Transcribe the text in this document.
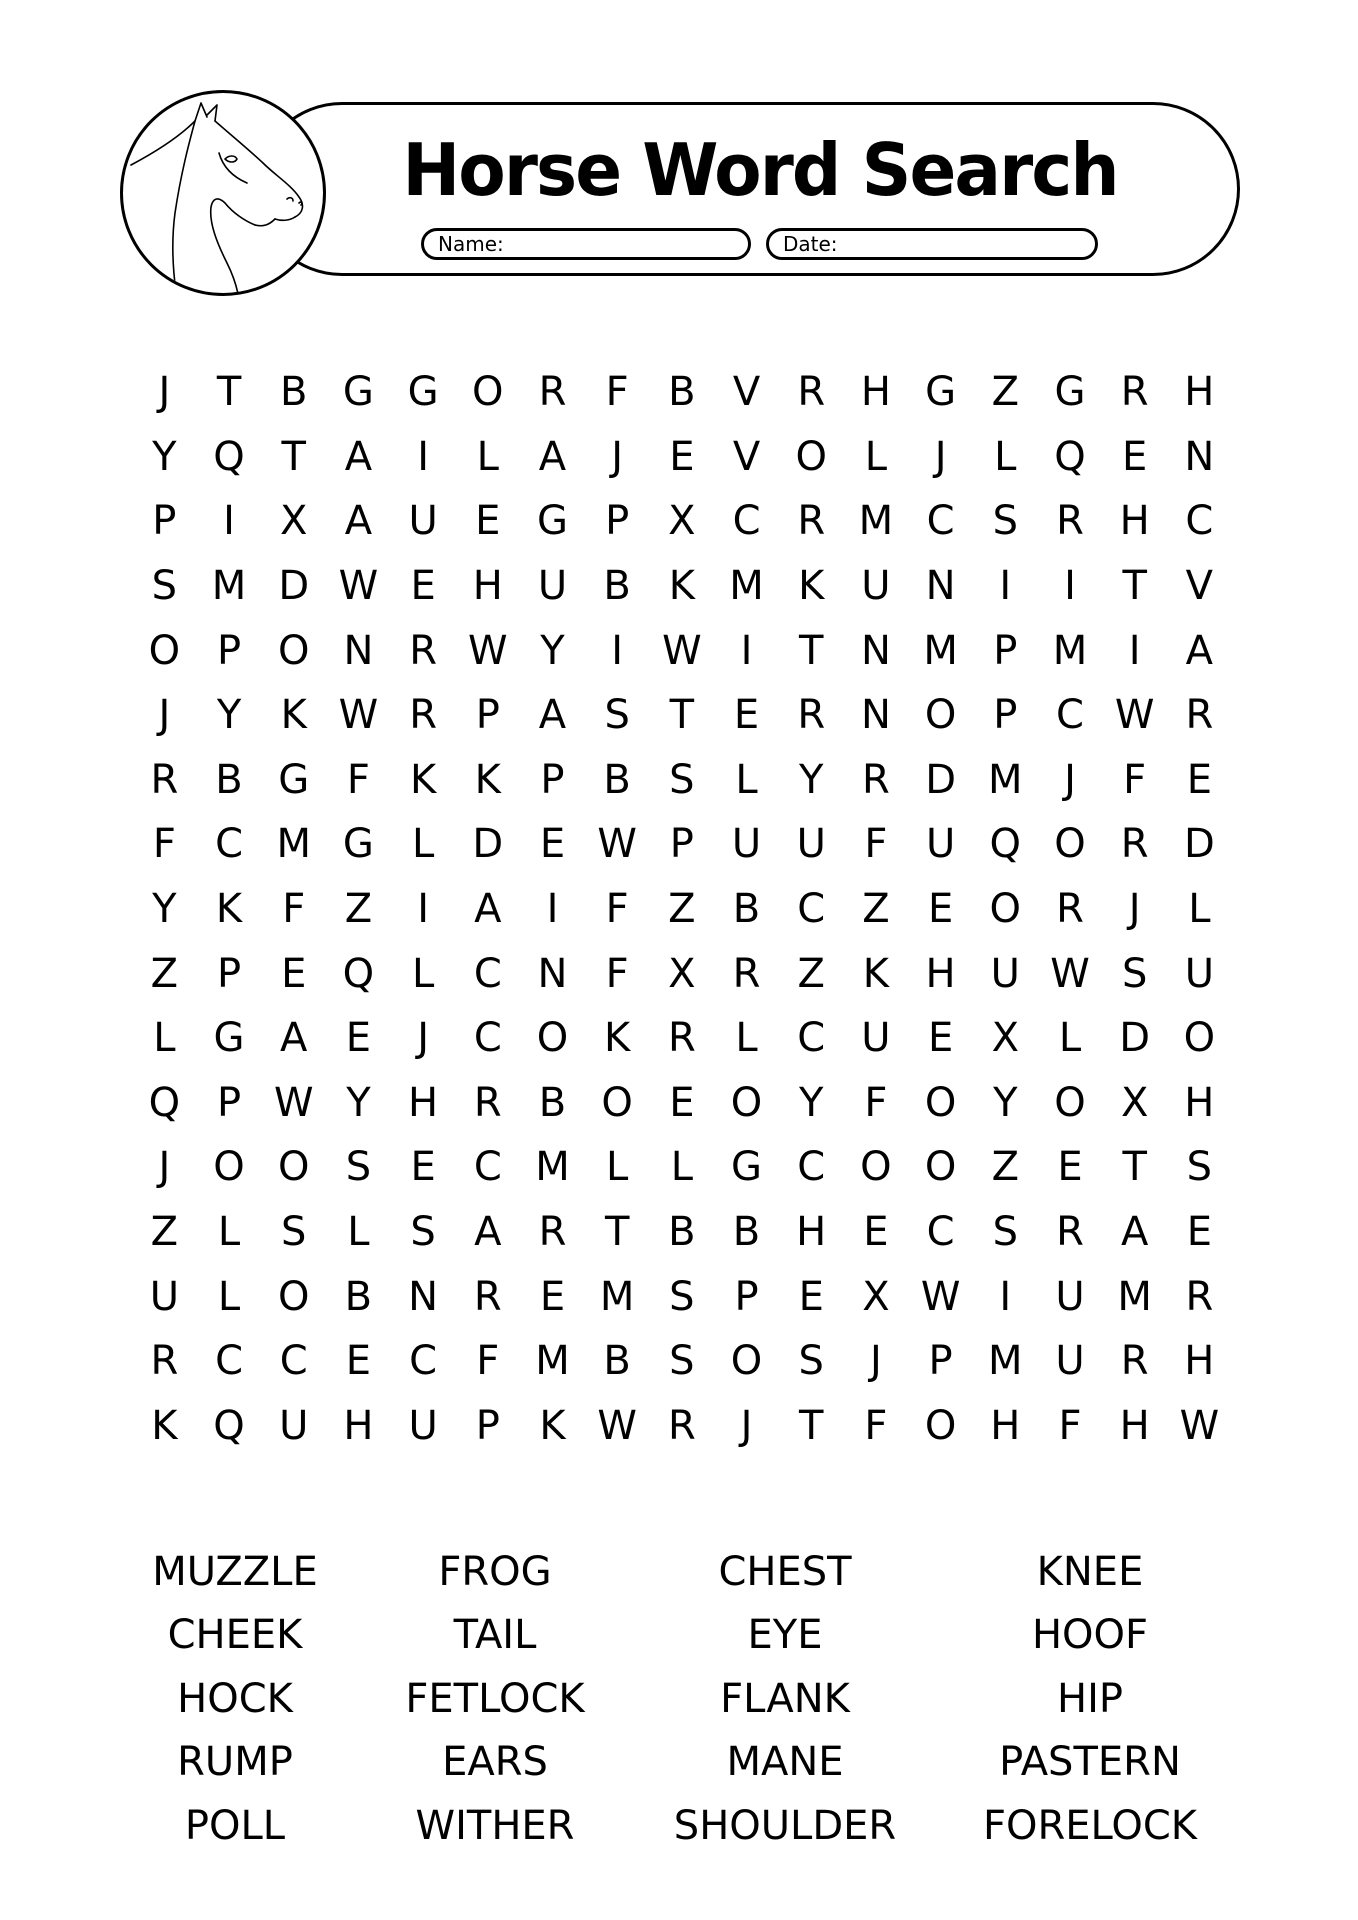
Horse Word Search
Name:	Date:
J	T B G G O R F B V R H G Z G R H
Y Q T A	I	L A	J	E V O L	J	L Q E N
P	I	X A U E G P X C R M C S R H C
S M D W E H U B K M K U N	I	I	T V
O P O N R W Y	I W I	T N M P M	I	A
J	Y K W R P A S T E R N O P C W R
R B G F	K K P B S	L	Y R D M	J	F	E
F C M G L D E W P U U F U Q O R D
Y K	F Z	I	A	I	F Z B C Z E O R	J	L
Z P E Q L C N F X R Z K H U W S U
L G A E	J	C O K R L C U E X L D O
Q P W Y H R B O E O Y	F O Y O X H
J	O O S E C M L	L G C O O Z E T S
Z L	S	L	S A R T B B H E C S R A E
U L O B N R E M S P E X W I	U M R
R C C E C F M B S O S	J	P M U R H
K Q U H U P K W R	J	T	F O H F H W
MUZZLE	FROG	CHEST	KNEE
CHEEK	TAIL	EYE	HOOF
HOCK	FETLOCK	FLANK	HIP
RUMP	EARS	MANE	PASTERN
POLL	WITHER	SHOULDER	FORELOCK
